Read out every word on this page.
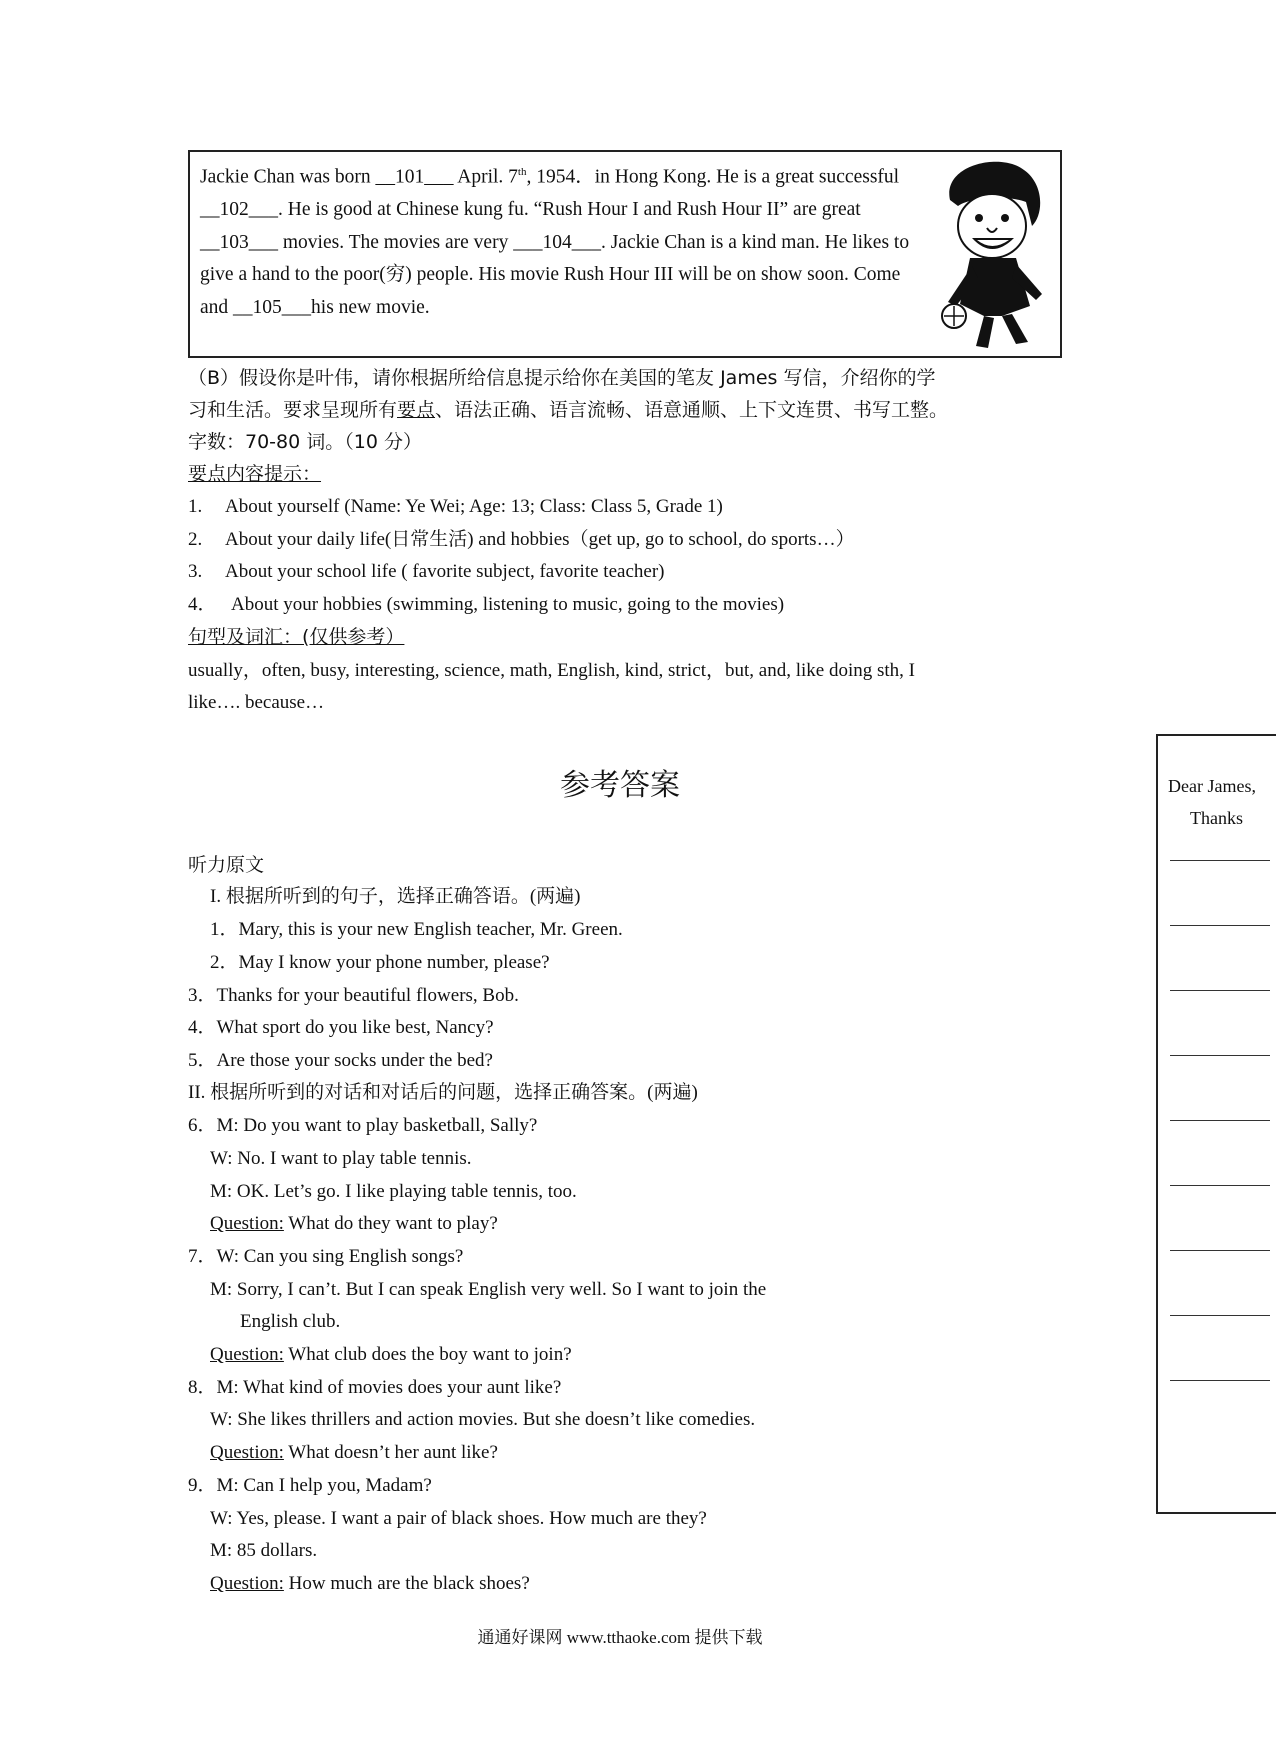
Jackie Chan was born __101___ April. 7th, 1954．in Hong Kong. He is a great successful __102___. He is good at Chinese kung fu. “Rush Hour I and Rush Hour II” are great __103___ movies. The movies are very ___104___. Jackie Chan is a kind man. He likes to give a hand to the poor(穷) people. His movie Rush Hour III will be on show soon. Come and __105___his new movie.
（B）假设你是叶伟，请你根据所给信息提示给你在美国的笔友 James 写信，介绍你的学
习和生活。要求呈现所有要点、语法正确、语言流畅、语意通顺、上下文连贯、书写工整。
字数：70-80 词。（10 分）
要点内容提示：
1. About yourself (Name: Ye Wei; Age: 13; Class: Class 5, Grade 1)
2. About your daily life(日常生活) and hobbies（get up, go to school, do sports…）
3. About your school life ( favorite subject, favorite teacher)
4． About your hobbies (swimming, listening to music, going to the movies)
句型及词汇：(仅供参考）
usually，often, busy, interesting, science, math, English, kind, strict，but, and, like doing sth, I
like…. because…
Dear James,
Thanks
参考答案
听力原文
I. 根据所听到的句子，选择正确答语。(两遍)
1．Mary, this is your new English teacher, Mr. Green.
2．May I know your phone number, please?
3．Thanks for your beautiful flowers, Bob.
4．What sport do you like best, Nancy?
5．Are those your socks under the bed?
II. 根据所听到的对话和对话后的问题，选择正确答案。(两遍)
6．M: Do you want to play basketball, Sally?
W: No. I want to play table tennis.
M: OK. Let’s go. I like playing table tennis, too.
Question: What do they want to play?
7．W: Can you sing English songs?
M: Sorry, I can’t. But I can speak English very well. So I want to join the
English club.
Question: What club does the boy want to join?
8．M: What kind of movies does your aunt like?
W: She likes thrillers and action movies. But she doesn’t like comedies.
Question: What doesn’t her aunt like?
9．M: Can I help you, Madam?
W: Yes, please. I want a pair of black shoes. How much are they?
M: 85 dollars.
Question: How much are the black shoes?
通通好课网 www.tthaoke.com 提供下载
